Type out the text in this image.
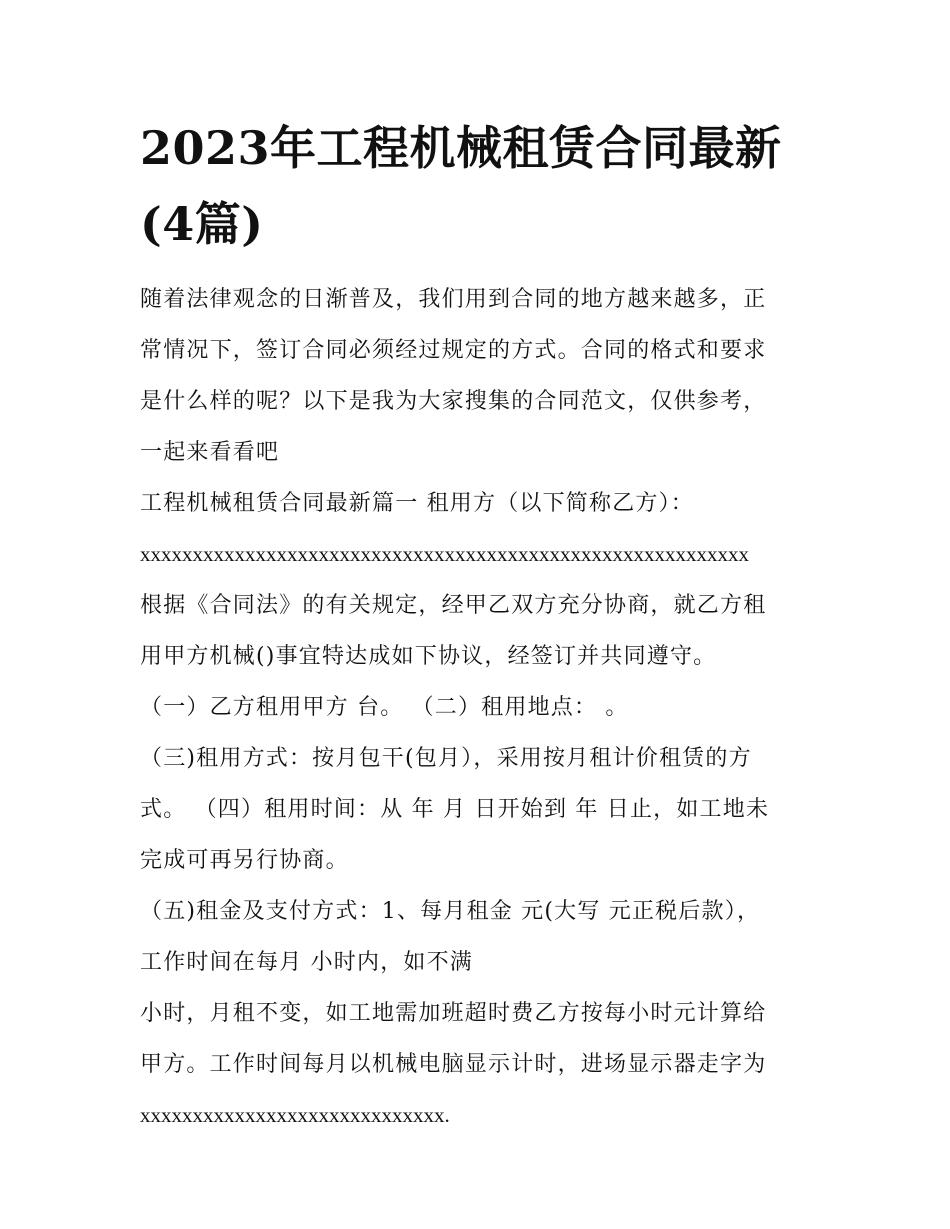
2023年工程机械租赁合同最新
(4篇)

随着法律观念的日渐普及，我们用到合同的地方越来越多，正
常情况下，签订合同必须经过规定的方式。合同的格式和要求
是什么样的呢？以下是我为大家搜集的合同范文，仅供参考，
一起来看看吧

工程机械租赁合同最新篇一 租用方（以下简称乙方）：

xxxxxxxxxxxxxxxxxxxxxxxxxxxxxxxxxxxxxxxxxxxxxxxxxxxxxxxxxx

根据《合同法》的有关规定，经甲乙双方充分协商，就乙方租
用甲方机械()事宜特达成如下协议，经签订并共同遵守。

（一）乙方租用甲方 台。 （二）租用地点： 。

（三)租用方式：按月包干(包月），采用按月租计价租赁的方
式。 （四）租用时间：从 年 月 日开始到 年 日止，如工地未
完成可再另行协商。

（五)租金及支付方式：1、每月租金 元(大写 元正税后款），
工作时间在每月 小时内，如不满

小时，月租不变，如工地需加班超时费乙方按每小时元计算给
甲方。工作时间每月以机械电脑显示计时，进场显示器走字为
xxxxxxxxxxxxxxxxxxxxxxxxxxxxx.
